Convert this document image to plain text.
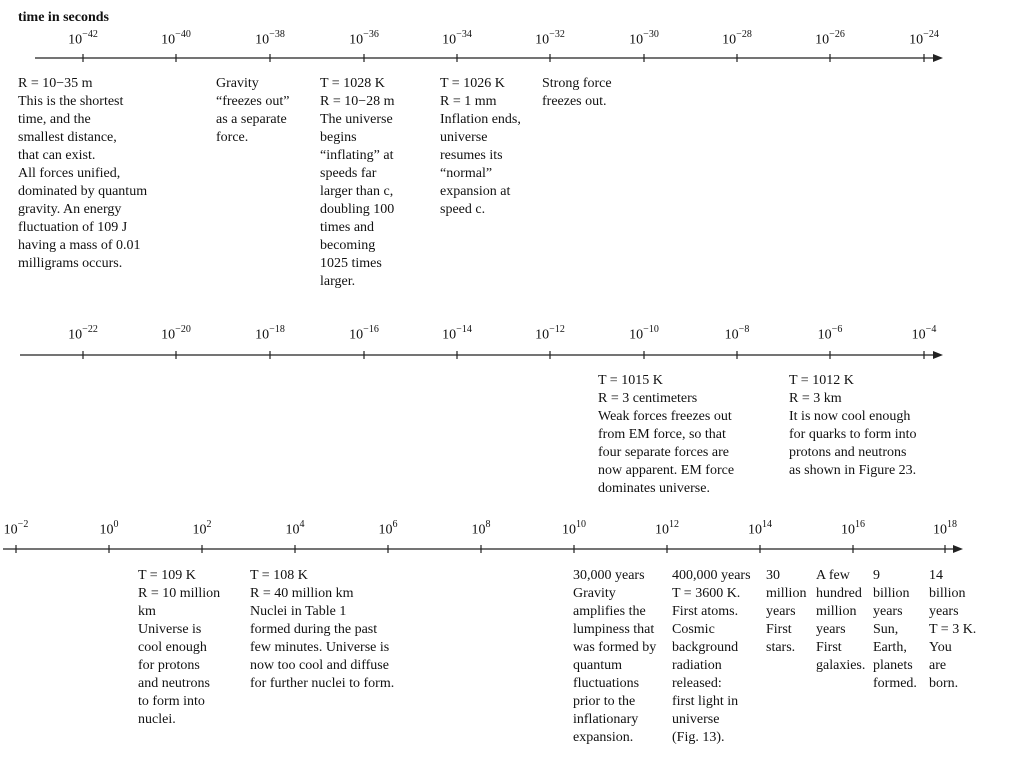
time in seconds
$10^{-42}$	$10^{-40}$	$10^{-38}$	$10^{-36}$	$10^{-34}$	$10^{-32}$	$10^{-30}$	$10^{-28}$	$10^{-26}$	$10^{-24}$
$10^{-22}$	$10^{-20}$	$10^{-18}$	$10^{-16}$	$10^{-14}$	$10^{-12}$	$10^{-10}$	$10^{-8}$	$10^{-6}$	$10^{-4}$
$10^{-2}$	$10^0$	$10^2$	$10^4$	$10^6$	$10^8$	$10^{10}$	$10^{12}$	$10^{14}$	$10^{16}$	$10^{18}$
R = 10−35 m
This is the shortest
time, and the
smallest distance,
that can exist.
All forces unified,
dominated by quantum
gravity. An energy
fluctuation of 109 J
having a mass of 0.01
milligrams occurs.
Gravity
“freezes out”
as a separate
force.
T = 1028 K
R = 10−28 m
The universe
begins
“inflating” at
speeds far
larger than c,
doubling 100
times and
becoming
1025 times
larger.
T = 1026 K
R = 1 mm
Inflation ends,
universe
resumes its
“normal”
expansion at
speed c.
Strong force
freezes out.
T = 1015 K
R = 3 centimeters
Weak forces freezes out
from EM force, so that
four separate forces are
now apparent. EM force
dominates universe.
T = 1012 K
R = 3 km
It is now cool enough
for quarks to form into
protons and neutrons
as shown in Figure 23.
T = 109 K
R = 10 million
km
Universe is
cool enough
for protons
and neutrons
to form into
nuclei.
T = 108 K
R = 40 million km
Nuclei in Table 1
formed during the past
few minutes. Universe is
now too cool and diffuse
for further nuclei to form.
30,000 years
Gravity
amplifies the
lumpiness that
was formed by
quantum
fluctuations
prior to the
inflationary
expansion.
400,000 years
T = 3600 K.
First atoms.
Cosmic
background
radiation
released:
first light in
universe
(Fig. 13).
30
million
years
First
stars.
A few
hundred
million
years
First
galaxies.
9
billion
years
Sun,
Earth,
planets
formed.
14
billion
years
T = 3 K.
You
are
born.
